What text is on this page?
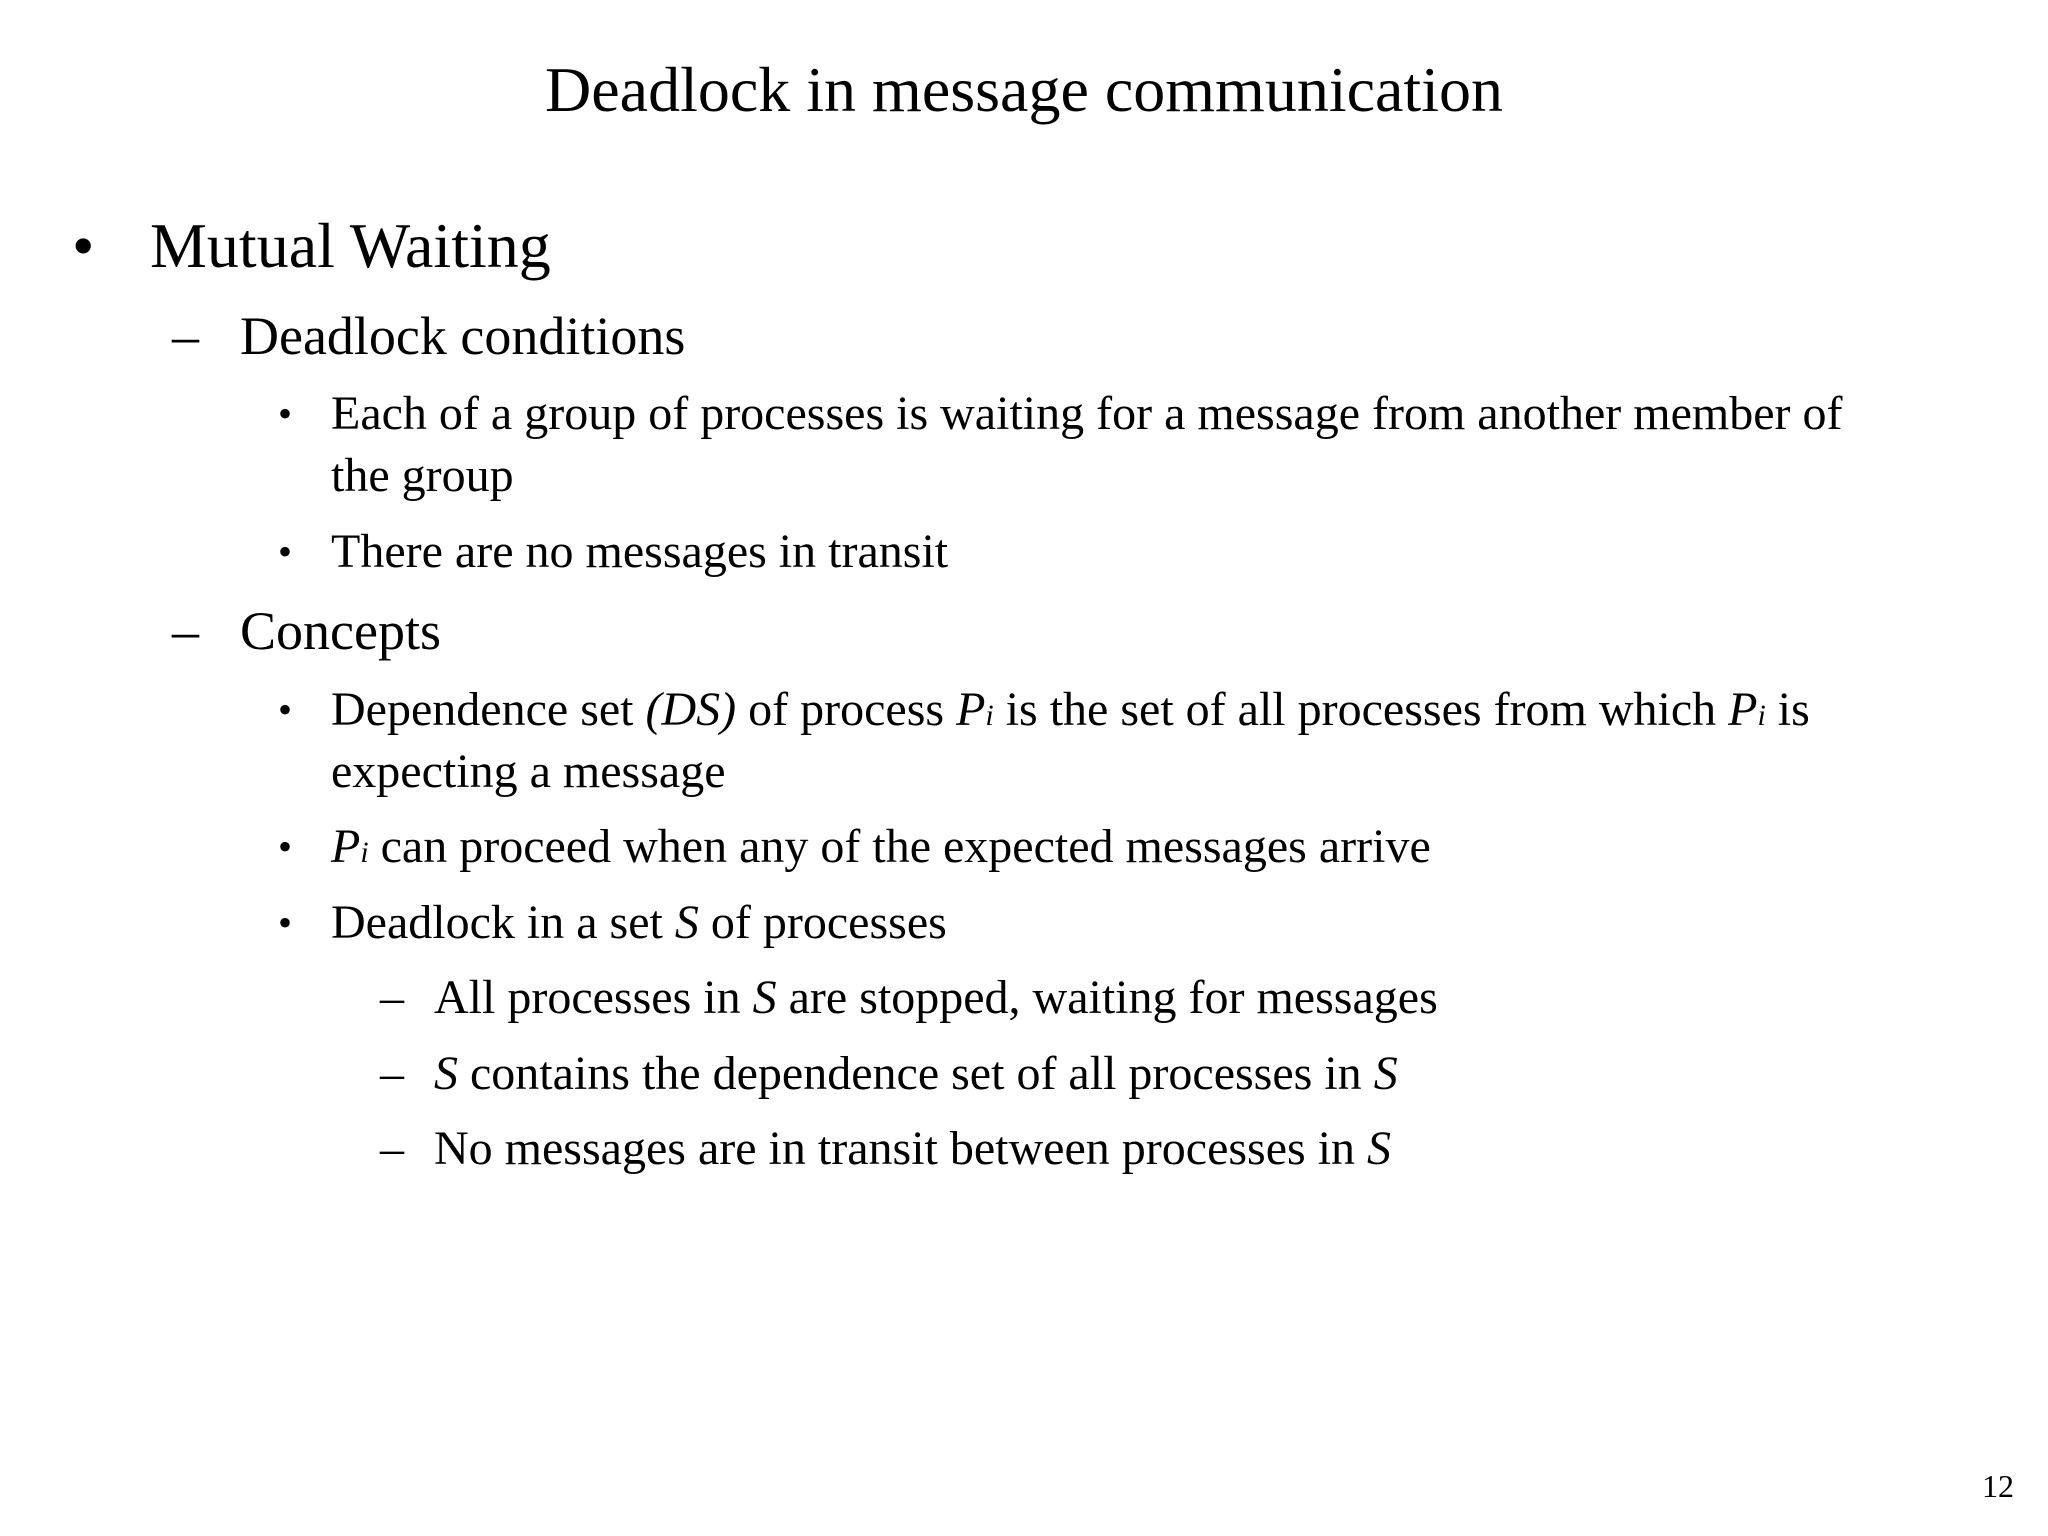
Deadlock in message communication
• Mutual Waiting
– Deadlock conditions
• Each of a group of processes is waiting for a message from another member of
the group
• There are no messages in transit
– Concepts
• Dependence set (DS) of process Pi is the set of all processes from which Pi is
expecting a message
• Pi can proceed when any of the expected messages arrive
• Deadlock in a set S of processes
– All processes in S are stopped, waiting for messages
– S contains the dependence set of all processes in S
– No messages are in transit between processes in S
12
